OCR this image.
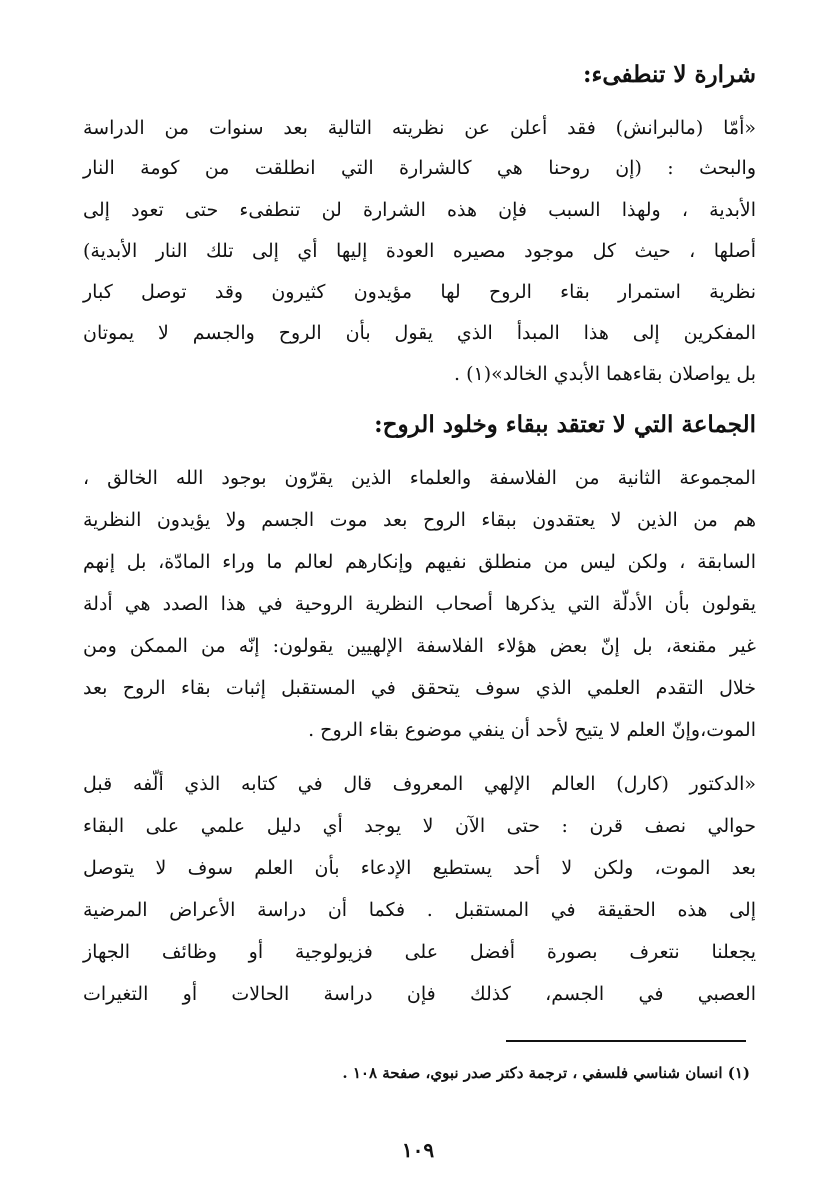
شرارة لا تنطفىء:

«أمّا (مالبرانش) فقد أعلن عن نظريته التالية بعد سنوات من الدراسة

والبحث : (إن روحنا هي كالشرارة التي انطلقت من كومة النار

الأبدية ، ولهذا السبب فإن هذه الشرارة لن تنطفىء حتى تعود إلى

أصلها ، حيث كل موجود مصيره العودة إليها أي إلى تلك النار الأبدية)

نظرية استمرار بقاء الروح لها مؤيدون كثيرون وقد توصل كبار

المفكرين إلى هذا المبدأ الذي يقول بأن الروح والجسم لا يموتان

بل يواصلان بقاءهما الأبدي الخالد»(١) .

الجماعة التي لا تعتقد ببقاء وخلود الروح:

المجموعة الثانية من الفلاسفة والعلماء الذين يقرّون بوجود الله الخالق ،

هم من الذين لا يعتقدون ببقاء الروح بعد موت الجسم ولا يؤيدون النظرية

السابقة ، ولكن ليس من منطلق نفيهم وإنكارهم لعالم ما وراء المادّة، بل إنهم

يقولون بأن الأدلّة التي يذكرها أصحاب النظرية الروحية في هذا الصدد هي أدلة

غير مقنعة، بل إنّ بعض هؤلاء الفلاسفة الإلهيين يقولون: إنّه من الممكن ومن

خلال التقدم العلمي الذي سوف يتحقق في المستقبل إثبات بقاء الروح بعد

الموت،وإنّ العلم لا يتيح لأحد أن ينفي موضوع بقاء الروح .

«الدكتور (كارل) العالم الإلهي المعروف قال في كتابه الذي ألّفه قبل

حوالي نصف قرن : حتى الآن لا يوجد أي دليل علمي على البقاء

بعد الموت، ولكن لا أحد يستطيع الإدعاء بأن العلم سوف لا يتوصل

إلى هذه الحقيقة في المستقبل . فكما أن دراسة الأعراض المرضية

يجعلنا نتعرف بصورة أفضل على فزيولوجية أو وظائف الجهاز

العصبي في الجسم، كذلك فإن دراسة الحالات أو التغيرات

(١) انسان شناسي فلسفي ، ترجمة دكتر صدر نبوي، صفحة ١٠٨ .

١٠٩
